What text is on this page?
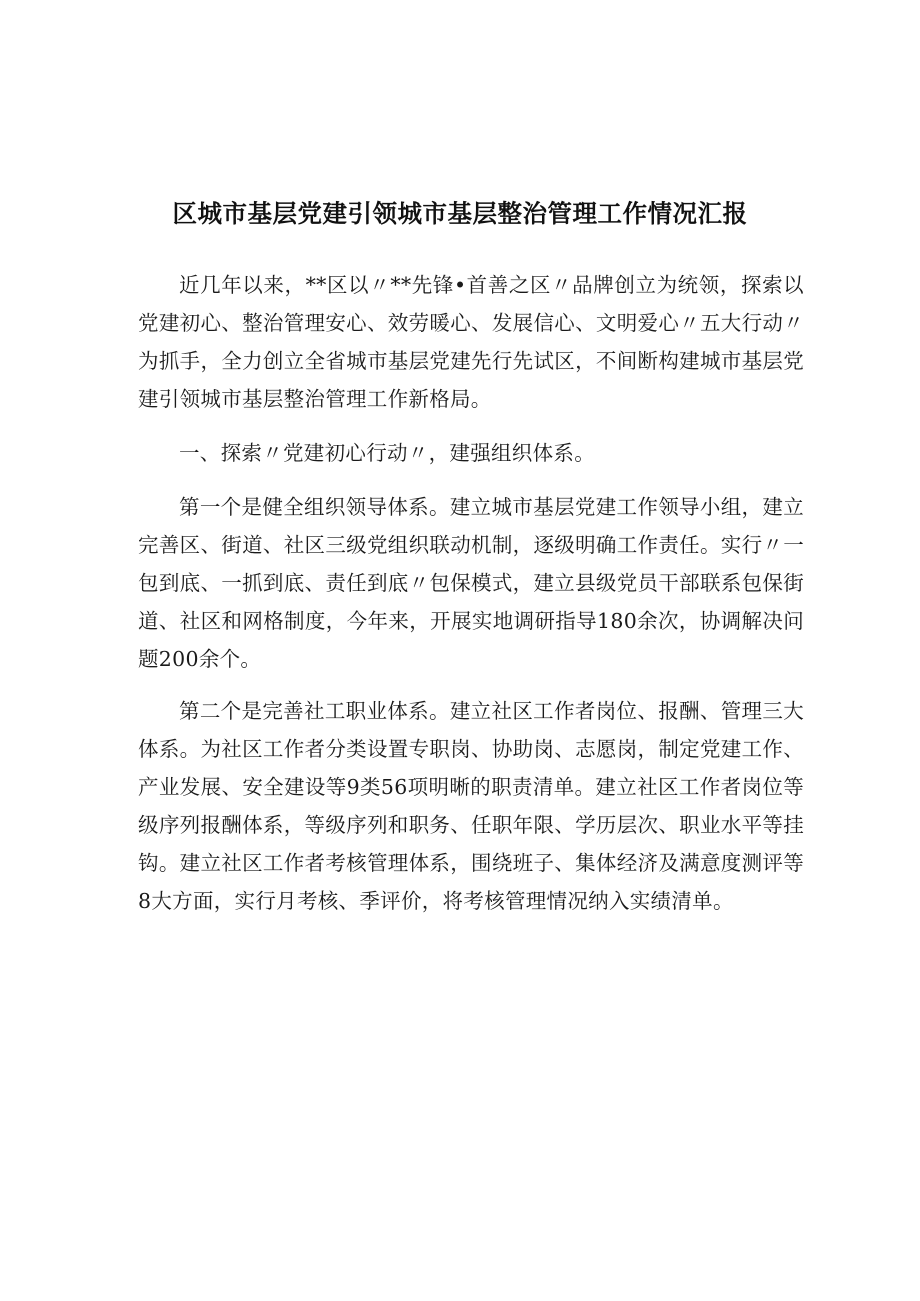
区城市基层党建引领城市基层整治管理工作情况汇报

近几年以来，**区以〃**先锋•首善之区〃品牌创立为统领，探索以党建初心、整治管理安心、效劳暖心、发展信心、文明爱心〃五大行动〃为抓手，全力创立全省城市基层党建先行先试区，不间断构建城市基层党建引领城市基层整治管理工作新格局。

一、探索〃党建初心行动〃，建强组织体系。

第一个是健全组织领导体系。建立城市基层党建工作领导小组，建立完善区、街道、社区三级党组织联动机制，逐级明确工作责任。实行〃一包到底、一抓到底、责任到底〃包保模式，建立县级党员干部联系包保街道、社区和网格制度，今年来，开展实地调研指导180余次，协调解决问题200余个。

第二个是完善社工职业体系。建立社区工作者岗位、报酬、管理三大体系。为社区工作者分类设置专职岗、协助岗、志愿岗，制定党建工作、产业发展、安全建设等9类56项明晰的职责清单。建立社区工作者岗位等级序列报酬体系，等级序列和职务、任职年限、学历层次、职业水平等挂钩。建立社区工作者考核管理体系，围绕班子、集体经济及满意度测评等8大方面，实行月考核、季评价，将考核管理情况纳入实绩清单。
